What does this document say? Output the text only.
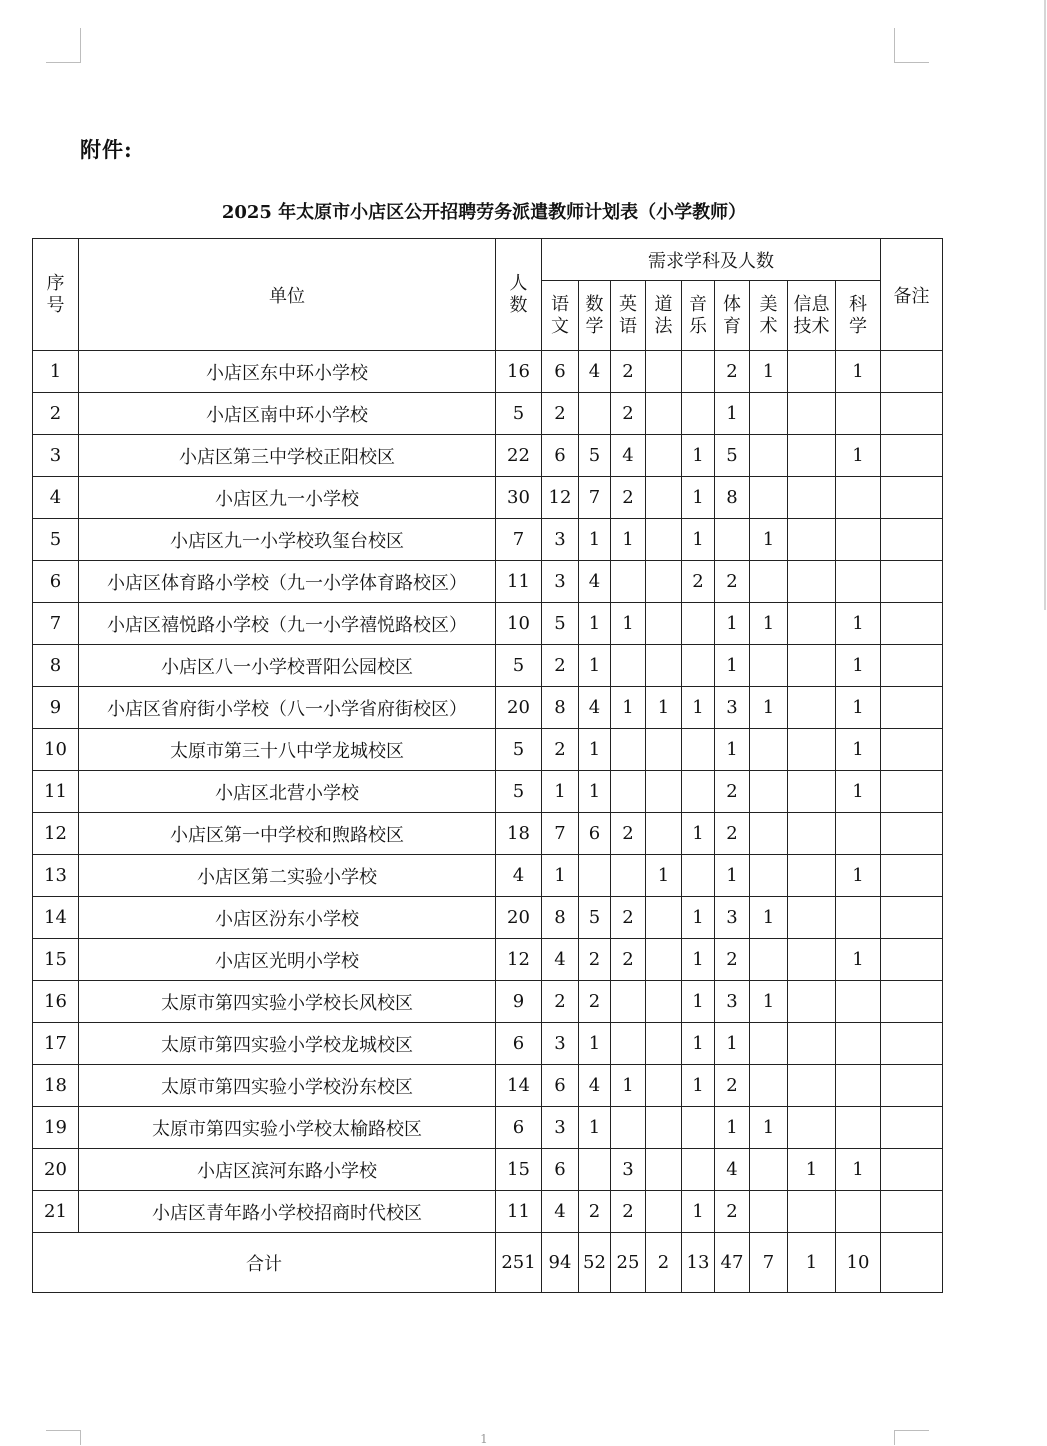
附件:
2025 年太原市小店区公开招聘劳务派遣教师计划表（小学教师）
序号	单位	人数	需求学科及人数									备注

			语文	数学	英语	道法	音乐	体育	美术	信息技术	科学	

1	小店区东中环小学校	16	6	4	2			2	1		1	
2	小店区南中环小学校	5	2		2			1				
3	小店区第三中学校正阳校区	22	6	5	4		1	5			1	
4	小店区九一小学校	30	12	7	2		1	8				
5	小店区九一小学校玖玺台校区	7	3	1	1		1		1			
6	小店区体育路小学校（九一小学体育路校区）	11	3	4			2	2				
7	小店区禧悦路小学校（九一小学禧悦路校区）	10	5	1	1			1	1		1	
8	小店区八一小学校晋阳公园校区	5	2	1				1			1	
9	小店区省府街小学校（八一小学省府街校区）	20	8	4	1	1	1	3	1		1	
10	太原市第三十八中学龙城校区	5	2	1				1			1	
11	小店区北营小学校	5	1	1				2			1	
12	小店区第一中学校和煦路校区	18	7	6	2		1	2				
13	小店区第二实验小学校	4	1			1		1			1	
14	小店区汾东小学校	20	8	5	2		1	3	1			
15	小店区光明小学校	12	4	2	2		1	2			1	
16	太原市第四实验小学校长风校区	9	2	2			1	3	1			
17	太原市第四实验小学校龙城校区	6	3	1			1	1				
18	太原市第四实验小学校汾东校区	14	6	4	1		1	2				
19	太原市第四实验小学校太榆路校区	6	3	1				1	1			
20	小店区滨河东路小学校	15	6		3			4		1	1	
21	小店区青年路小学校招商时代校区	11	4	2	2		1	2				
合计		251	94	52	25	2	13	47	7	1	10	
1
